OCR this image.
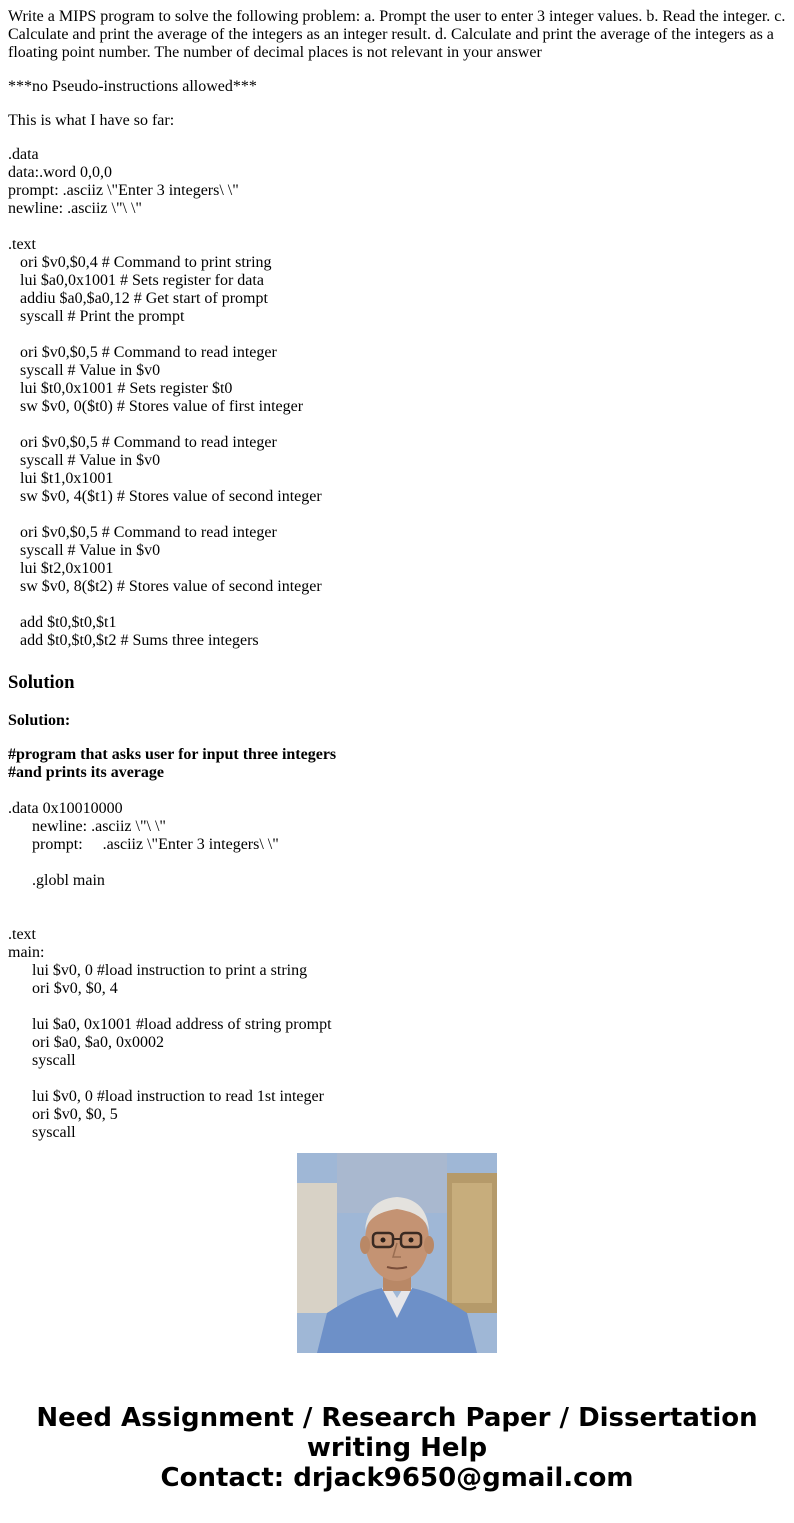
Write a MIPS program to solve the following problem: a. Prompt the user to enter 3 integer values. b. Read the integer. c. Calculate and print the average of the integers as an integer result. d. Calculate and print the average of the integers as a floating point number. The number of decimal places is not relevant in your answer
***no Pseudo-instructions allowed***
This is what I have so far:
.data
data:.word 0,0,0
prompt: .asciiz \"Enter 3 integers\ \"
newline: .asciiz \"\ \"
.text
ori $v0,$0,4 # Command to print string
lui $a0,0x1001 # Sets register for data
addiu $a0,$a0,12 # Get start of prompt
syscall # Print the prompt

ori $v0,$0,5 # Command to read integer
syscall # Value in $v0
lui $t0,0x1001 # Sets register $t0
sw $v0, 0($t0) # Stores value of first integer

ori $v0,$0,5 # Command to read integer
syscall # Value in $v0
lui $t1,0x1001
sw $v0, 4($t1) # Stores value of second integer

ori $v0,$0,5 # Command to read integer
syscall # Value in $v0
lui $t2,0x1001
sw $v0, 8($t2) # Stores value of second integer

add $t0,$t0,$t1
add $t0,$t0,$t2 # Sums three integers
Solution
Solution:
#program that asks user for input three integers
#and prints its average
.data 0x10010000
newline: .asciiz \"\ \"
prompt:     .asciiz \"Enter 3 integers\ \"

.globl main
.text
main:
lui $v0, 0 #load instruction to print a string
ori $v0, $0, 4

lui $a0, 0x1001 #load address of string prompt
ori $a0, $a0, 0x0002
syscall

lui $v0, 0 #load instruction to read 1st integer
ori $v0, $0, 5
syscall
Need Assignment / Research Paper / Dissertation
writing Help
Contact: drjack9650@gmail.com
